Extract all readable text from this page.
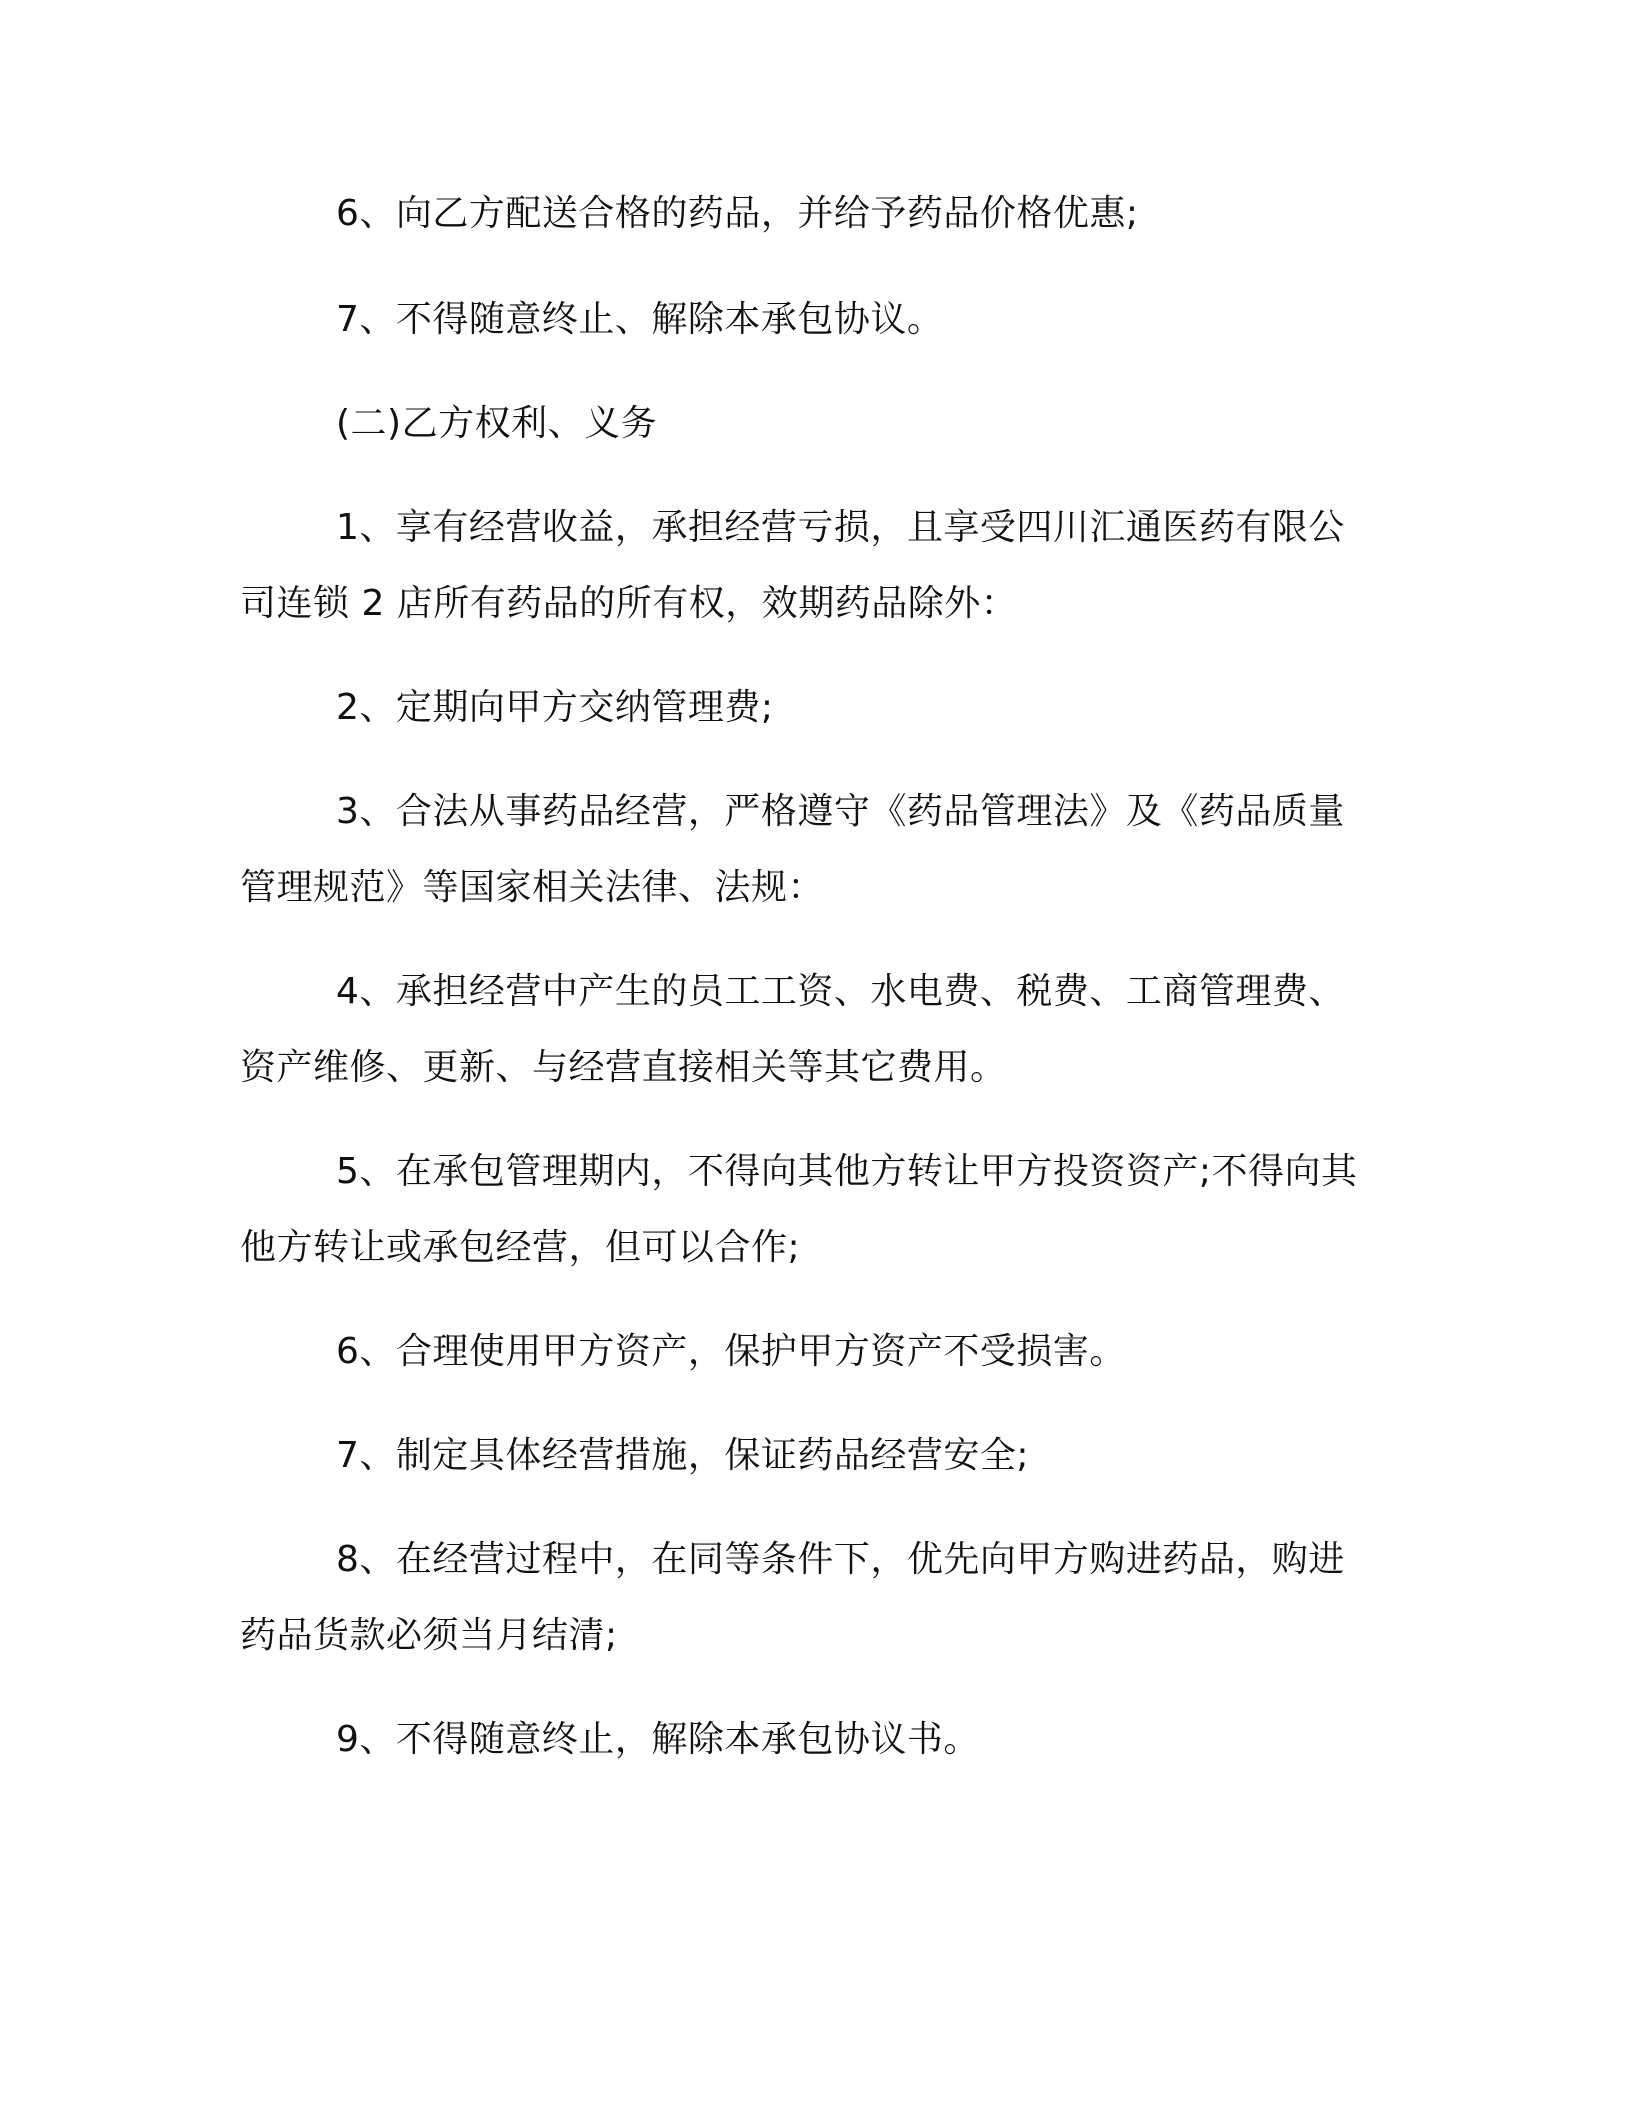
6、向乙方配送合格的药品，并给予药品价格优惠;

7、不得随意终止、解除本承包协议。

(二)乙方权利、义务

1、享有经营收益，承担经营亏损，且享受四川汇通医药有限公司连锁 2 店所有药品的所有权，效期药品除外：

2、定期向甲方交纳管理费;

3、合法从事药品经营，严格遵守《药品管理法》及《药品质量管理规范》等国家相关法律、法规：

4、承担经营中产生的员工工资、水电费、税费、工商管理费、资产维修、更新、与经营直接相关等其它费用。

5、在承包管理期内，不得向其他方转让甲方投资资产;不得向其他方转让或承包经营，但可以合作;

6、合理使用甲方资产，保护甲方资产不受损害。

7、制定具体经营措施，保证药品经营安全;

8、在经营过程中，在同等条件下，优先向甲方购进药品，购进药品货款必须当月结清;

9、不得随意终止，解除本承包协议书。
